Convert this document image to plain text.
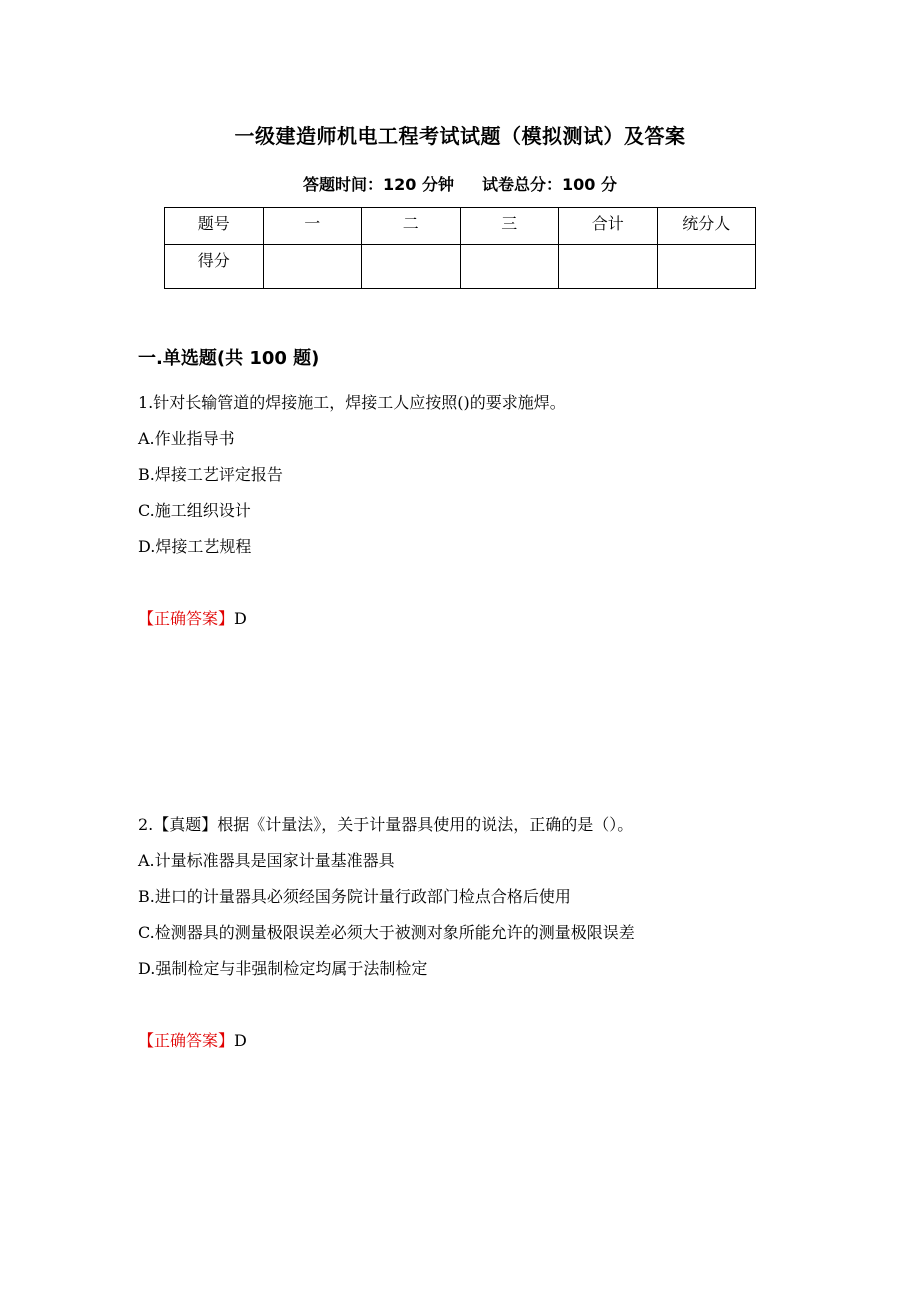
一级建造师机电工程考试试题（模拟测试）及答案
答题时间：120 分钟 试卷总分：100 分
题号	一	二	三	合计	统分人
得分					
一.单选题(共 100 题)
1.针对长输管道的焊接施工，焊接工人应按照()的要求施焊。
A.作业指导书
B.焊接工艺评定报告
C.施工组织设计
D.焊接工艺规程
【正确答案】D
2.【真题】根据《计量法》，关于计量器具使用的说法，正确的是（）。
A.计量标准器具是国家计量基准器具
B.进口的计量器具必须经国务院计量行政部门检点合格后使用
C.检测器具的测量极限误差必须大于被测对象所能允许的测量极限误差
D.强制检定与非强制检定均属于法制检定
【正确答案】D
